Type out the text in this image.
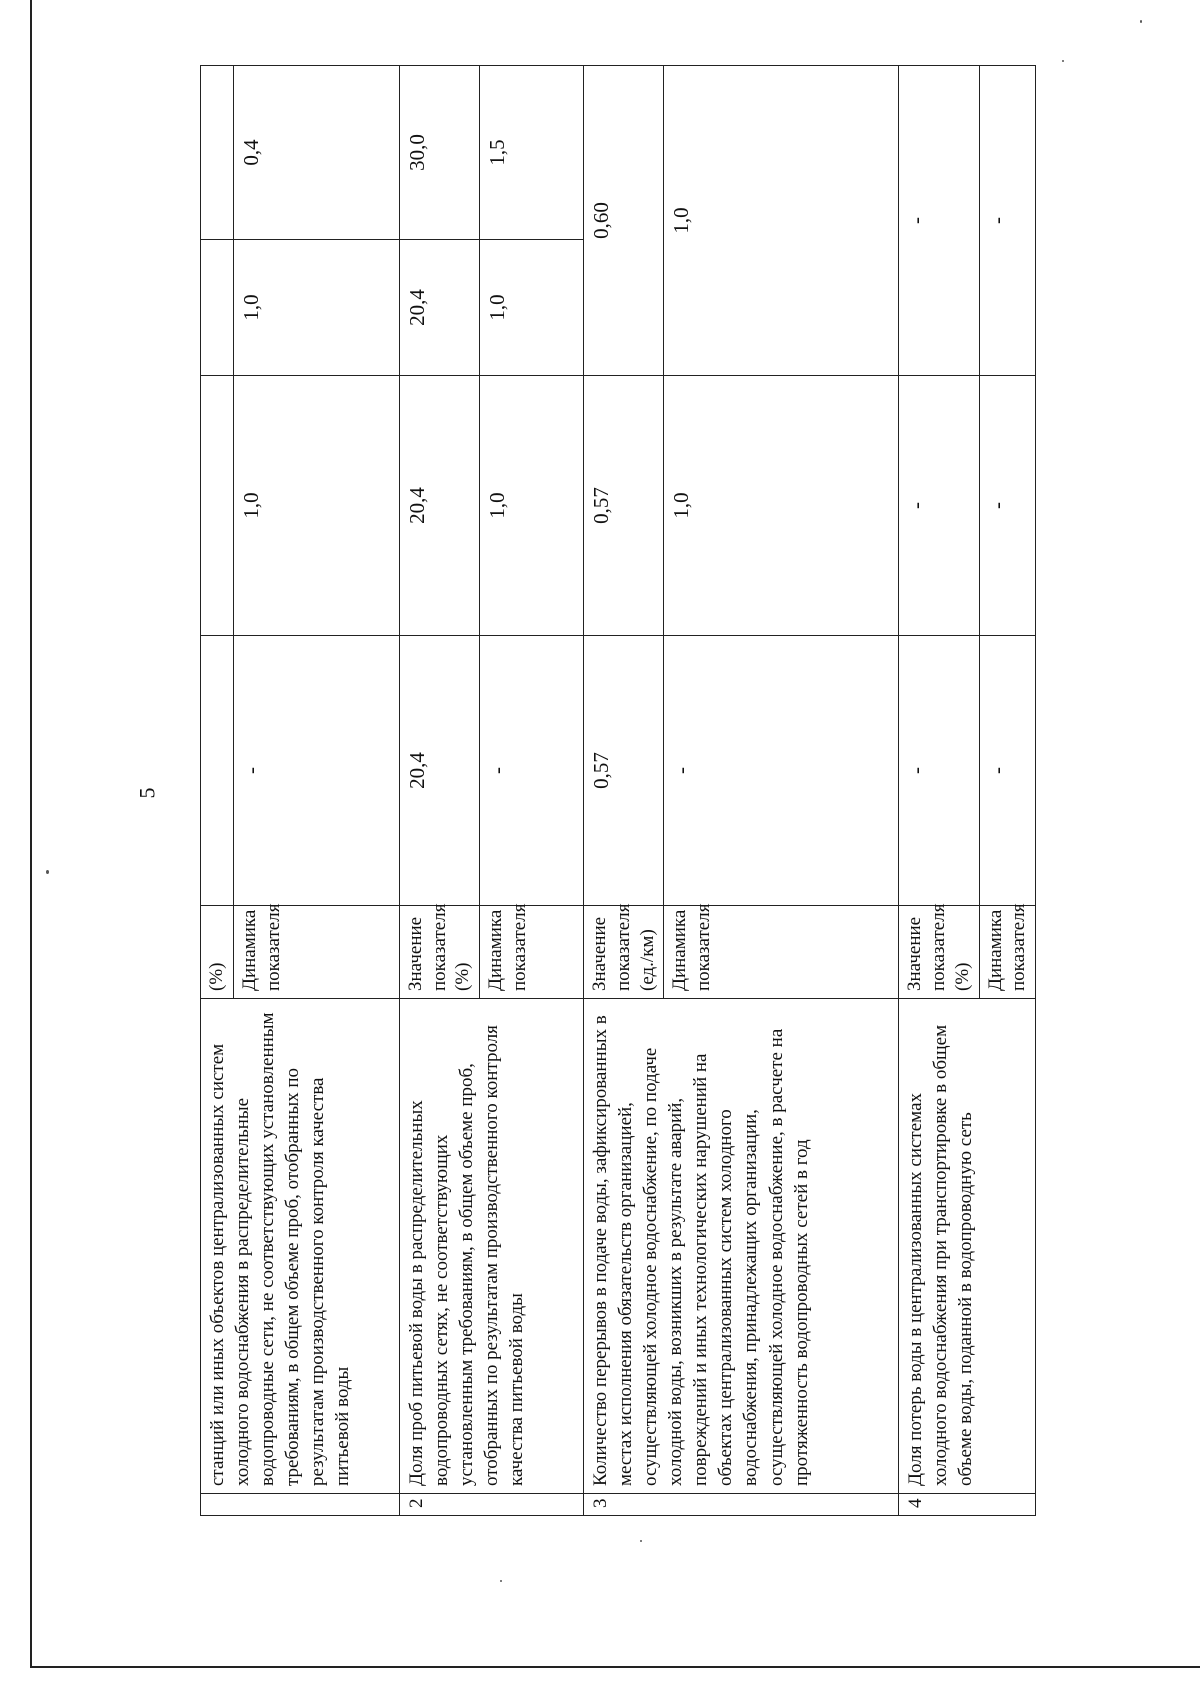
5
	станций или иных объектов централизованных систем холодного водоснабжения в распределительные водопроводные сети, не соответствующих установленным требованиям, в общем объеме проб, отобранных по результатам производственного контроля качества питьевой воды	(%)				
		Динамика показателя	-	1,0	1,0	0,4
2	Доля проб питьевой воды в распределительных водопроводных сетях, не соответствующих установленным требованиям, в общем объеме проб, отобранных по результатам производственного контроля качества питьевой воды	Значение показателя (%)	20,4	20,4	20,4	30,0
		Динамика показателя	-	1,0	1,0	1,5
3	Количество перерывов в подаче воды, зафиксированных в местах исполнения обязательств организацией, осуществляющей холодное водоснабжение, по подаче холодной воды, возникших в результате аварий, повреждений и иных технологических нарушений на объектах централизованных систем холодного водоснабжения, принадлежащих организации, осуществляющей холодное водоснабжение, в расчете на протяженность водопроводных сетей в год	Значение показателя (ед./км)	0,57	0,57	0,60	
		Динамика показателя	-	1,0	1,0	
4	Доля потерь воды в централизованных системах холодного водоснабжения при транспортировке в общем объеме воды, поданной в водопроводную сеть	Значение показателя (%)	-	-	-	
		Динамика показателя	-	-	-	
